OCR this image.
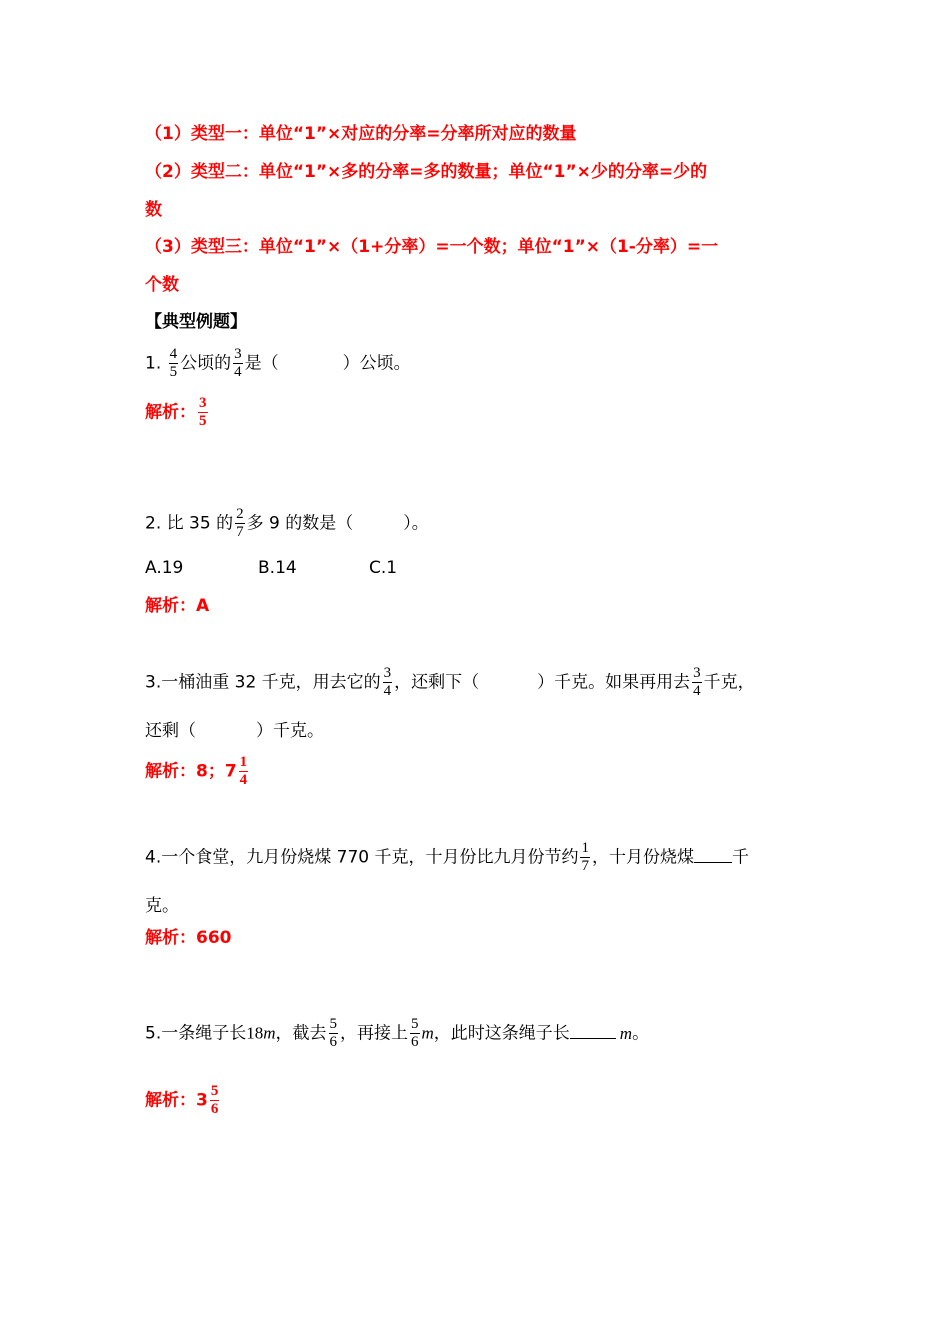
（1）类型一：单位“1”×对应的分率=分率所对应的数量
（2）类型二：单位“1”×多的分率=多的数量；单位“1”×少的分率=少的
数
（3）类型三：单位“1”×（1+分率）=一个数；单位“1”×（1-分率）=一
个数
【典型例题】
1. $\frac{4}{5}$ 公顷的 $\frac{3}{4}$ 是（	）公顷。
解析： $\frac{3}{5}$
2. 比 35 的 $\frac{2}{7}$ 多 9 的数是（	）。
A.19	B.14	C.1
解析：A
3.一桶油重 32 千克，用去它的 $\frac{3}{4}$ ，还剩下（	）千克。如果再用去 $\frac{3}{4}$ 千克，
还剩（	）千克。
解析：8；$7 \frac{1}{4}$
4.一个食堂，九月份烧煤 770 千克，十月份比九月份节约 $\frac{1}{7}$ ，十月份烧煤 千
克。
解析：660
5.一条绳子长18m，截去 $\frac{5}{6}$ ，再接上 $\frac{5}{6}$ m，此时这条绳子长	m。
解析：$3 \frac{5}{6}$
